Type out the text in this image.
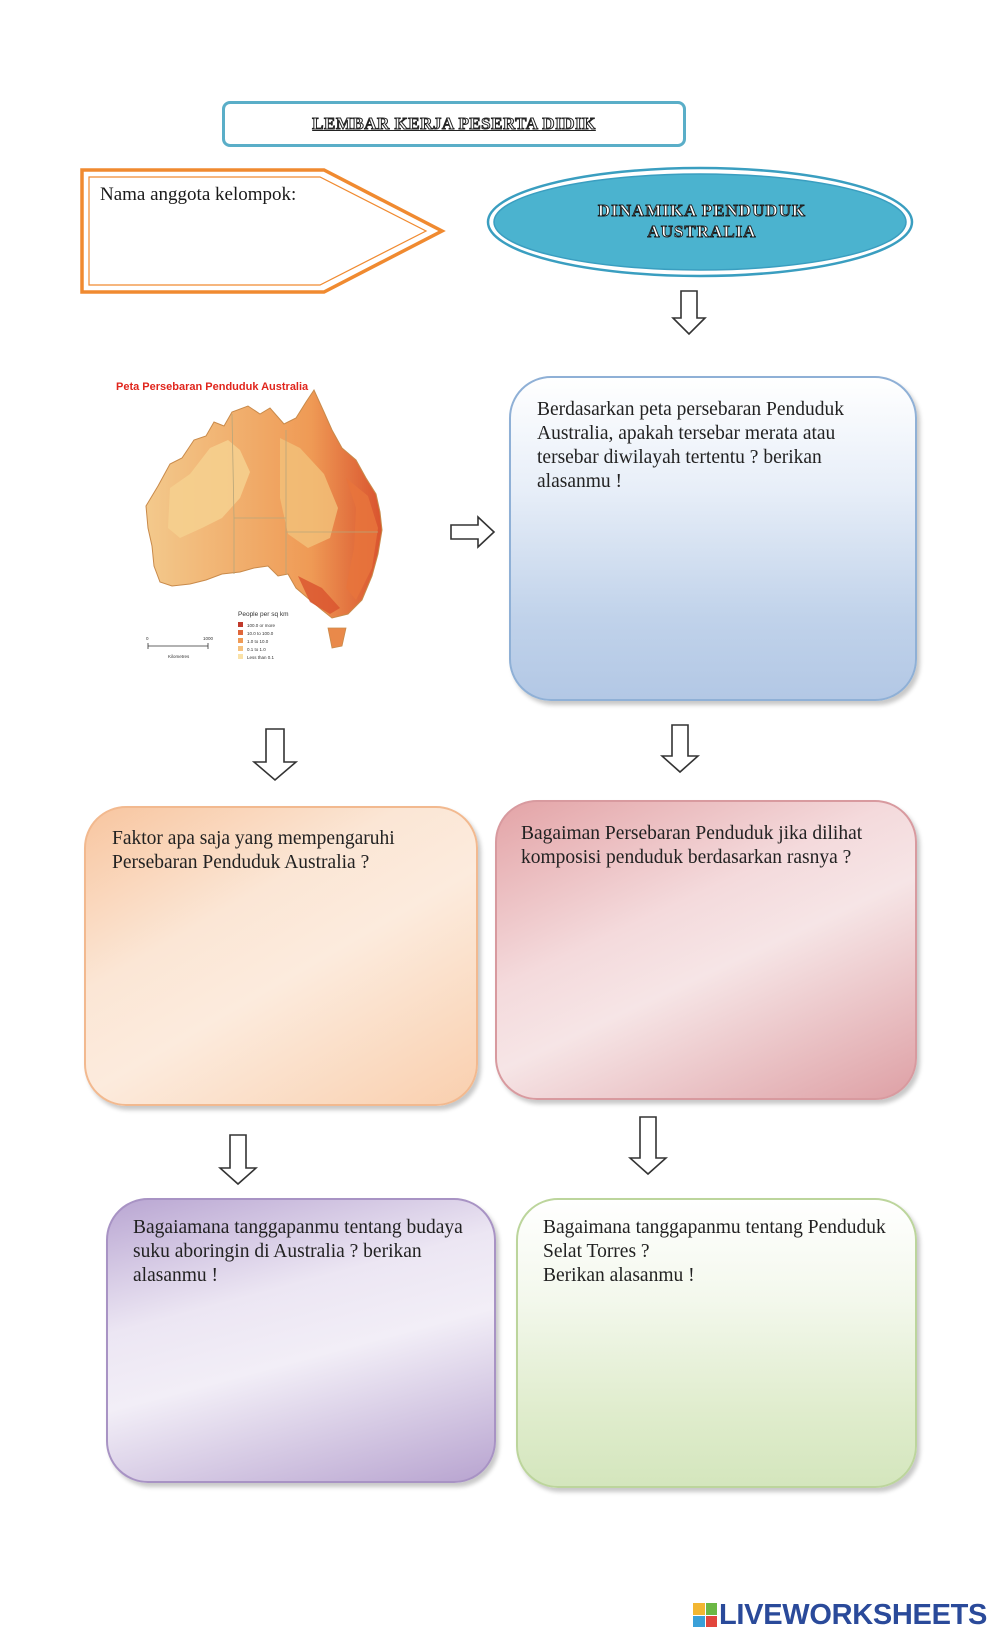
LEMBAR KERJA PESERTA DIDIK
Nama anggota kelompok:
DINAMIKA PENDUDUK AUSTRALIA
Peta Persebaran Penduduk Australia
People per sq km
100.0 or more
10.0 to 100.0
1.0 to 10.0
0.1 to 1.0
Less than 0.1
0	1000
Kilometres
Berdasarkan peta persebaran Penduduk Australia, apakah tersebar merata atau tersebar diwilayah tertentu ? berikan alasanmu !
Faktor apa saja yang mempengaruhi Persebaran Penduduk Australia ?
Bagaiman Persebaran Penduduk jika dilihat komposisi penduduk berdasarkan rasnya ?
Bagaiamana tanggapanmu tentang budaya suku aboringin di Australia ? berikan alasanmu !
Bagaimana tanggapanmu tentang Penduduk Selat Torres ?
Berikan alasanmu !
LIVEWORKSHEETS
